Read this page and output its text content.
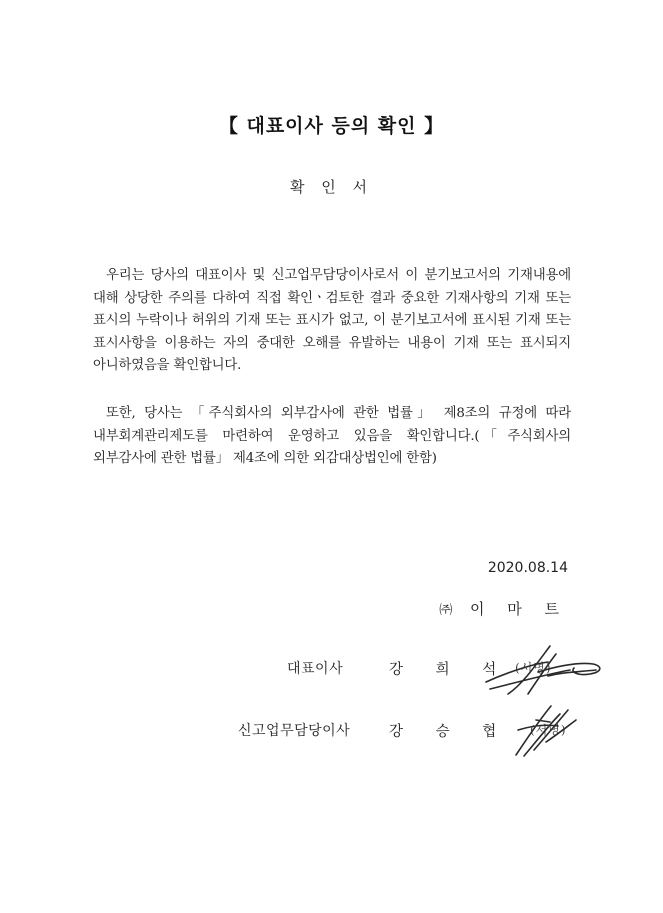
【 대표이사 등의 확인 】
확 인 서

우리는 당사의 대표이사 및 신고업무담당이사로서 이 분기보고서의 기재내용에 대해 상당한 주의를 다하여 직접 확인ㆍ검토한 결과 중요한 기재사항의 기재 또는 표시의 누락이나 허위의 기재 또는 표시가 없고, 이 분기보고서에 표시된 기재 또는 표시사항을 이용하는 자의 중대한 오해를 유발하는 내용이 기재 또는 표시되지 아니하였음을 확인합니다.

또한, 당사는 「주식회사의 외부감사에 관한 법률」 제8조의 규정에 따라 내부회계관리제도를 마련하여 운영하고 있음을 확인합니다.(「주식회사의 외부감사에 관한 법률」 제4조에 의한 외감대상법인에 한함)

2020.08.14
㈜ 이 마 트
대표이사	강 희 석 (서명)
신고업무담당이사	강 승 협 (서명)
